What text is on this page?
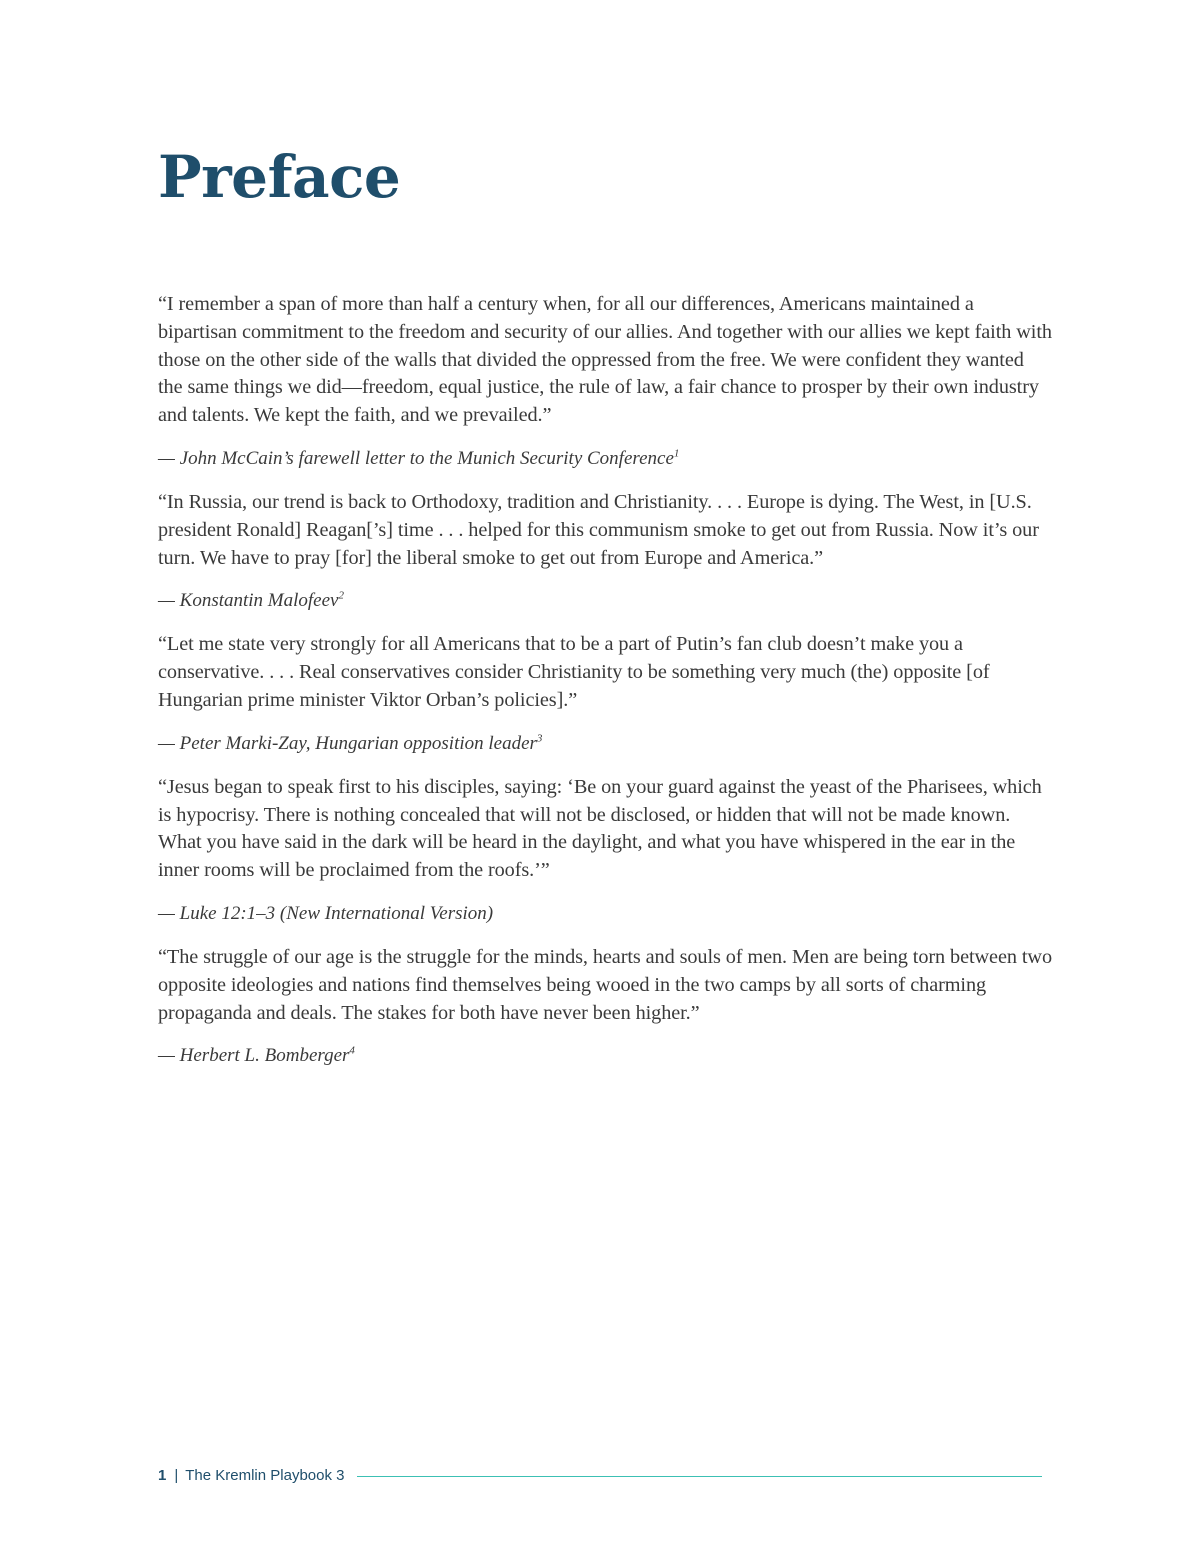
Preface

“I remember a span of more than half a century when, for all our differences, Americans maintained a bipartisan commitment to the freedom and security of our allies. And together with our allies we kept faith with those on the other side of the walls that divided the oppressed from the free. We were confident they wanted the same things we did—freedom, equal justice, the rule of law, a fair chance to prosper by their own industry and talents. We kept the faith, and we prevailed.”

— John McCain’s farewell letter to the Munich Security Conference$^1$

“In Russia, our trend is back to Orthodoxy, tradition and Christianity. . . . Europe is dying. The West, in [U.S. president Ronald] Reagan[’s] time . . . helped for this communism smoke to get out from Russia. Now it’s our turn. We have to pray [for] the liberal smoke to get out from Europe and America.”

— Konstantin Malofeev$^2$

“Let me state very strongly for all Americans that to be a part of Putin’s fan club doesn’t make you a conservative. . . . Real conservatives consider Christianity to be something very much (the) opposite [of Hungarian prime minister Viktor Orban’s policies].”

— Peter Marki-Zay, Hungarian opposition leader$^3$

“Jesus began to speak first to his disciples, saying: ‘Be on your guard against the yeast of the Pharisees, which is hypocrisy. There is nothing concealed that will not be disclosed, or hidden that will not be made known. What you have said in the dark will be heard in the daylight, and what you have whispered in the ear in the inner rooms will be proclaimed from the roofs.’”

— Luke 12:1–3 (New International Version)

“The struggle of our age is the struggle for the minds, hearts and souls of men. Men are being torn between two opposite ideologies and nations find themselves being wooed in the two camps by all sorts of charming propaganda and deals. The stakes for both have never been higher.”

— Herbert L. Bomberger$^4$

1 | The Kremlin Playbook 3
